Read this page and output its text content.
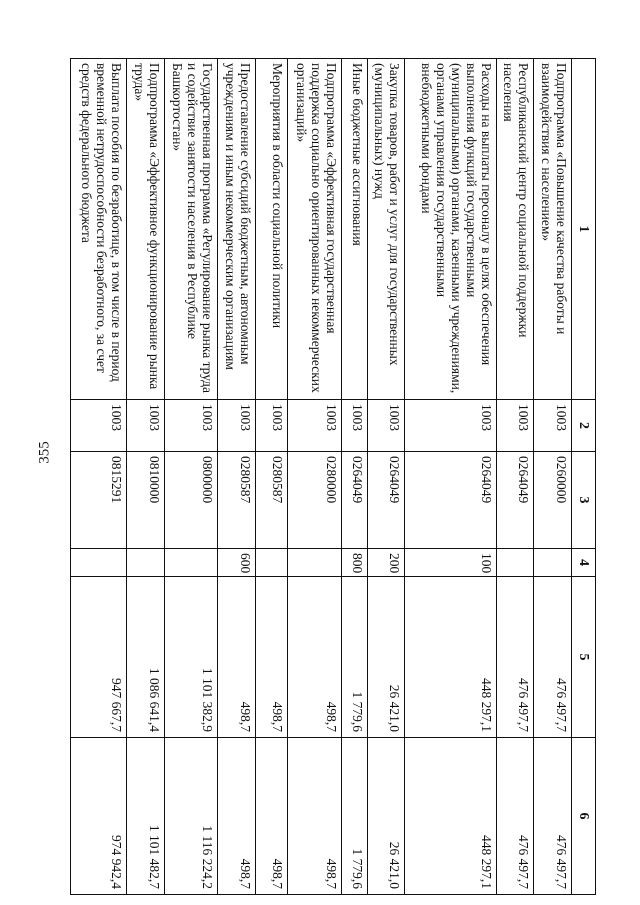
355
1	2	3	4	5	6
Подпрограмма «Повышение качества работы и взаимодействия с населением»	1003	0260000		476 497,7	476 497,7
Республиканский центр социальной поддержки населения	1003	0264049		476 497,7	476 497,7
Расходы на выплаты персоналу в целях обеспечения выполнения функций государственными (муниципальными) органами, казенными учреждениями, органами управления государственными внебюджетными фондами	1003	0264049	100	448 297,1	448 297,1
Закупка товаров, работ и услуг для государственных (муниципальных) нужд	1003	0264049	200	26 421,0	26 421,0
Иные бюджетные ассигнования	1003	0264049	800	1 779,6	1 779,6
Подпрограмма «Эффективная государственная поддержка социально ориентированных некоммерческих организаций»	1003	0280000		498,7	498,7
Мероприятия в области социальной политики	1003	0280587		498,7	498,7
Предоставление субсидий бюджетным, автономным учреждениям и иным некоммерческим организациям	1003	0280587	600	498,7	498,7
Государственная программа «Регулирование рынка труда и содействие занятости населения в Республике Башкортостан»	1003	0800000		1 101 382,9	1 116 224,2
Подпрограмма «Эффективное функционирование рынка труда»	1003	0810000		1 086 641,4	1 101 482,7
Выплата пособия по безработице, в том числе в период временной нетрудоспособности безработного, за счет средств федерального бюджета	1003	0815291		947 667,7	974 942,4
